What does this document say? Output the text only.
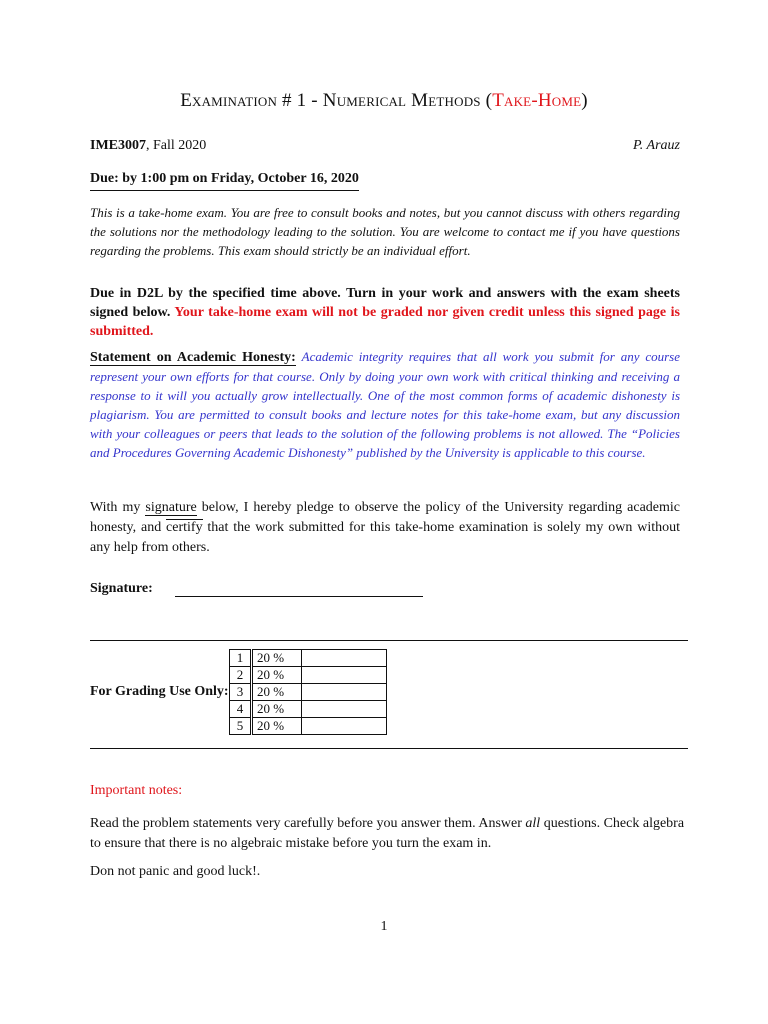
Examination # 1 - Numerical Methods (Take-Home)
IME3007, Fall 2020	P. Arauz
Due: by 1:00 pm on Friday, October 16, 2020
This is a take-home exam. You are free to consult books and notes, but you cannot discuss with others regarding the solutions nor the methodology leading to the solution. You are welcome to contact me if you have questions regarding the problems. This exam should strictly be an individual effort.
Due in D2L by the specified time above. Turn in your work and answers with the exam sheets signed below. Your take-home exam will not be graded nor given credit unless this signed page is submitted.
Statement on Academic Honesty: Academic integrity requires that all work you submit for any course represent your own efforts for that course. Only by doing your own work with critical thinking and receiving a response to it will you actually grow intellectually. One of the most common forms of academic dishonesty is plagiarism. You are permitted to consult books and lecture notes for this take-home exam, but any discussion with your colleagues or peers that leads to the solution of the following problems is not allowed. The “Policies and Procedures Governing Academic Dishonesty” published by the University is applicable to this course.
With my signature below, I hereby pledge to observe the policy of the University regarding academic honesty, and certify that the work submitted for this take-home examination is solely my own without any help from others.
Signature:
For Grading Use Only:
1	20 %	
2	20 %	
3	20 %	
4	20 %	
5	20 %	
Important notes:
Read the problem statements very carefully before you answer them. Answer all questions. Check algebra to ensure that there is no algebraic mistake before you turn the exam in.
Don not panic and good luck!.
1
